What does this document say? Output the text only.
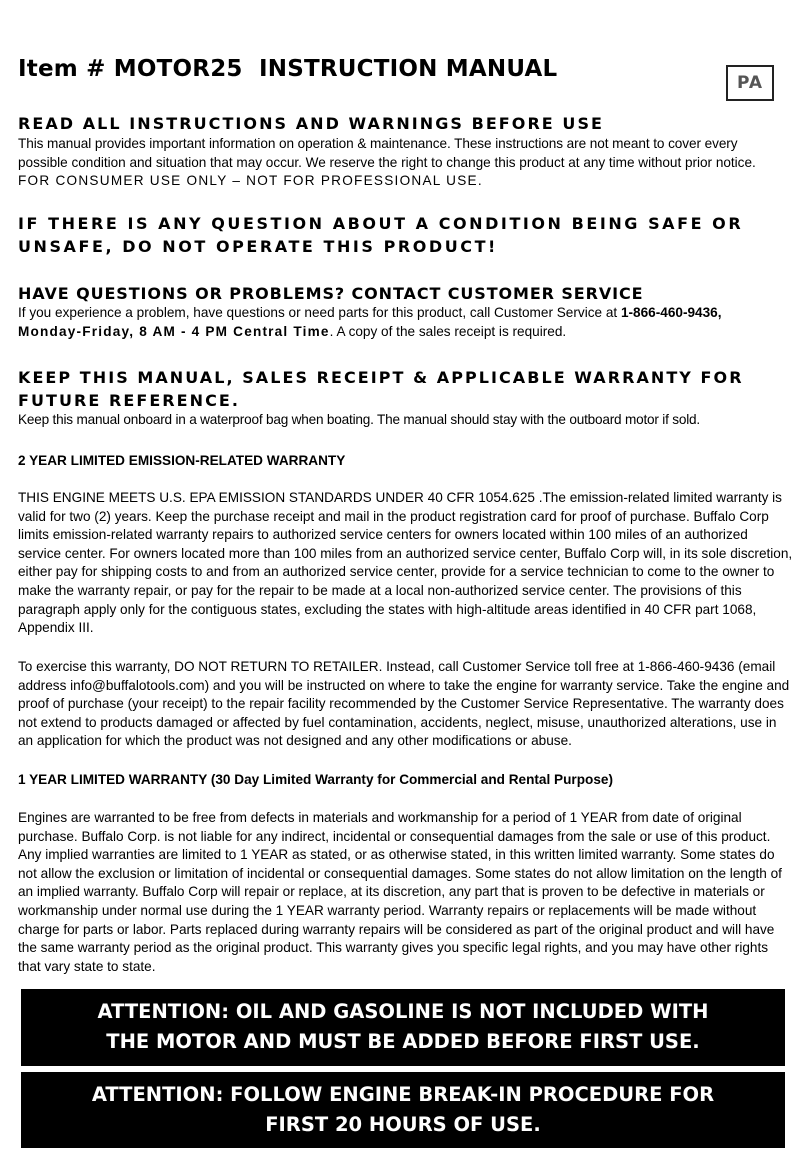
Item # MOTOR25  INSTRUCTION MANUAL
PA
READ ALL INSTRUCTIONS AND WARNINGS BEFORE USE
This manual provides important information on operation & maintenance. These instructions are not meant to cover every
possible condition and situation that may occur. We reserve the right to change this product at any time without prior notice.
FOR CONSUMER USE ONLY – NOT FOR PROFESSIONAL USE.
IF THERE IS ANY QUESTION ABOUT A CONDITION BEING SAFE OR
UNSAFE, DO NOT OPERATE THIS PRODUCT!
HAVE QUESTIONS OR PROBLEMS? CONTACT CUSTOMER SERVICE
If you experience a problem, have questions or need parts for this product, call Customer Service at 1-866-460-9436,
Monday-Friday, 8 AM - 4 PM Central Time. A copy of the sales receipt is required.
KEEP THIS MANUAL, SALES RECEIPT & APPLICABLE WARRANTY FOR
FUTURE REFERENCE.
Keep this manual onboard in a waterproof bag when boating. The manual should stay with the outboard motor if sold.
2 YEAR LIMITED EMISSION-RELATED WARRANTY
THIS ENGINE MEETS U.S. EPA EMISSION STANDARDS UNDER 40 CFR 1054.625 .The emission-related limited warranty is
valid for two (2) years. Keep the purchase receipt and mail in the product registration card for proof of purchase. Buffalo Corp
limits emission-related warranty repairs to authorized service centers for owners located within 100 miles of an authorized
service center. For owners located more than 100 miles from an authorized service center, Buffalo Corp will, in its sole discretion,
either pay for shipping costs to and from an authorized service center, provide for a service technician to come to the owner to
make the warranty repair, or pay for the repair to be made at a local non-authorized service center. The provisions of this
paragraph apply only for the contiguous states, excluding the states with high-altitude areas identified in 40 CFR part 1068,
Appendix III.
To exercise this warranty, DO NOT RETURN TO RETAILER. Instead, call Customer Service toll free at 1-866-460-9436 (email
address info@buffalotools.com) and you will be instructed on where to take the engine for warranty service. Take the engine and
proof of purchase (your receipt) to the repair facility recommended by the Customer Service Representative. The warranty does
not extend to products damaged or affected by fuel contamination, accidents, neglect, misuse, unauthorized alterations, use in
an application for which the product was not designed and any other modifications or abuse.
1 YEAR LIMITED WARRANTY (30 Day Limited Warranty for Commercial and Rental Purpose)
Engines are warranted to be free from defects in materials and workmanship for a period of 1 YEAR from date of original
purchase. Buffalo Corp. is not liable for any indirect, incidental or consequential damages from the sale or use of this product.
Any implied warranties are limited to 1 YEAR as stated, or as otherwise stated, in this written limited warranty. Some states do
not allow the exclusion or limitation of incidental or consequential damages. Some states do not allow limitation on the length of
an implied warranty. Buffalo Corp will repair or replace, at its discretion, any part that is proven to be defective in materials or
workmanship under normal use during the 1 YEAR warranty period. Warranty repairs or replacements will be made without
charge for parts or labor. Parts replaced during warranty repairs will be considered as part of the original product and will have
the same warranty period as the original product. This warranty gives you specific legal rights, and you may have other rights
that vary state to state.
ATTENTION: OIL AND GASOLINE IS NOT INCLUDED WITH
THE MOTOR AND MUST BE ADDED BEFORE FIRST USE.
ATTENTION: FOLLOW ENGINE BREAK-IN PROCEDURE FOR
FIRST 20 HOURS OF USE.
